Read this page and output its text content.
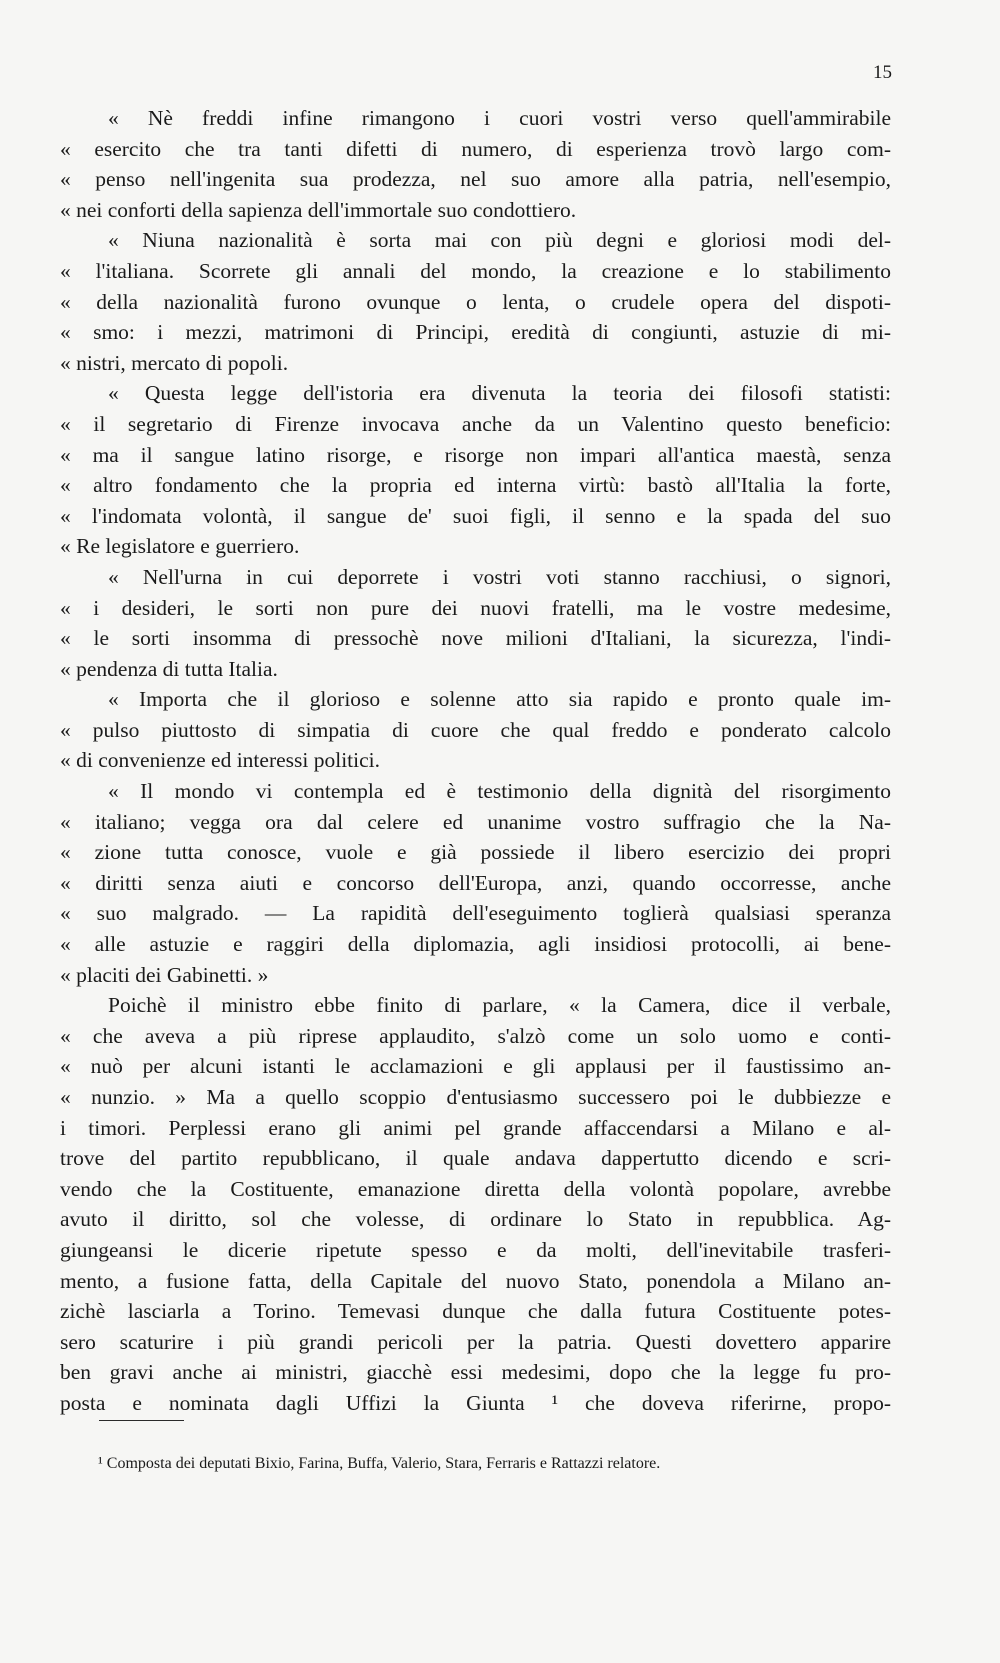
15
« Nè freddi infine rimangono i cuori vostri verso quell'ammirabile
« esercito che tra tanti difetti di numero, di esperienza trovò largo com-
« penso nell'ingenita sua prodezza, nel suo amore alla patria, nell'esempio,
« nei conforti della sapienza dell'immortale suo condottiero.
« Niuna nazionalità è sorta mai con più degni e gloriosi modi del-
« l'italiana. Scorrete gli annali del mondo, la creazione e lo stabilimento
« della nazionalità furono ovunque o lenta, o crudele opera del dispoti-
« smo: i mezzi, matrimoni di Principi, eredità di congiunti, astuzie di mi-
« nistri, mercato di popoli.
« Questa legge dell'istoria era divenuta la teoria dei filosofi statisti:
« il segretario di Firenze invocava anche da un Valentino questo beneficio:
« ma il sangue latino risorge, e risorge non impari all'antica maestà, senza
« altro fondamento che la propria ed interna virtù: bastò all'Italia la forte,
« l'indomata volontà, il sangue de' suoi figli, il senno e la spada del suo
« Re legislatore e guerriero.
« Nell'urna in cui deporrete i vostri voti stanno racchiusi, o signori,
« i desideri, le sorti non pure dei nuovi fratelli, ma le vostre medesime,
« le sorti insomma di pressochè nove milioni d'Italiani, la sicurezza, l'indi-
« pendenza di tutta Italia.
« Importa che il glorioso e solenne atto sia rapido e pronto quale im-
« pulso piuttosto di simpatia di cuore che qual freddo e ponderato calcolo
« di convenienze ed interessi politici.
« Il mondo vi contempla ed è testimonio della dignità del risorgimento
« italiano; vegga ora dal celere ed unanime vostro suffragio che la Na-
« zione tutta conosce, vuole e già possiede il libero esercizio dei propri
« diritti senza aiuti e concorso dell'Europa, anzi, quando occorresse, anche
« suo malgrado. — La rapidità dell'eseguimento toglierà qualsiasi speranza
« alle astuzie e raggiri della diplomazia, agli insidiosi protocolli, ai bene-
« placiti dei Gabinetti. »
Poichè il ministro ebbe finito di parlare, « la Camera, dice il verbale,
« che aveva a più riprese applaudito, s'alzò come un solo uomo e conti-
« nuò per alcuni istanti le acclamazioni e gli applausi per il faustissimo an-
« nunzio. » Ma a quello scoppio d'entusiasmo successero poi le dubbiezze e
i timori. Perplessi erano gli animi pel grande affaccendarsi a Milano e al-
trove del partito repubblicano, il quale andava dappertutto dicendo e scri-
vendo che la Costituente, emanazione diretta della volontà popolare, avrebbe
avuto il diritto, sol che volesse, di ordinare lo Stato in repubblica. Ag-
giungeansi le dicerie ripetute spesso e da molti, dell'inevitabile trasferi-
mento, a fusione fatta, della Capitale del nuovo Stato, ponendola a Milano an-
zichè lasciarla a Torino. Temevasi dunque che dalla futura Costituente potes-
sero scaturire i più grandi pericoli per la patria. Questi dovettero apparire
ben gravi anche ai ministri, giacchè essi medesimi, dopo che la legge fu pro-
posta e nominata dagli Uffizi la Giunta ¹ che doveva riferirne, propo-
¹ Composta dei deputati Bixio, Farina, Buffa, Valerio, Stara, Ferraris e Rattazzi relatore.
